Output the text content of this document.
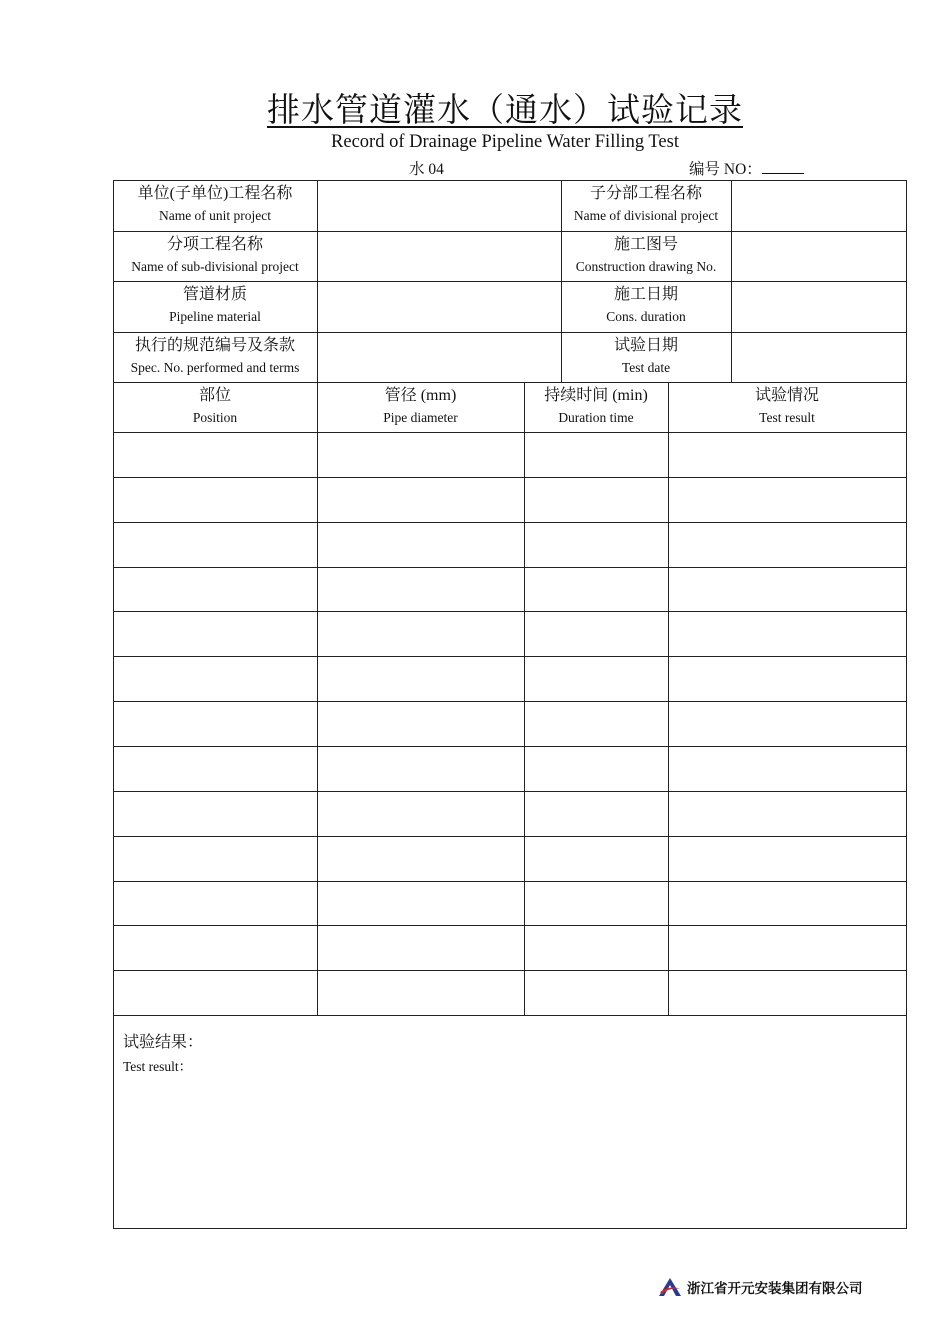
排水管道灌水（通水）试验记录
Record of Drainage Pipeline Water Filling Test
水 04	编号 NO：
单位(子单位)工程名称
Name of unit project
子分部工程名称
Name of divisional project
分项工程名称
Name of sub-divisional project
施工图号
Construction drawing No.
管道材质
Pipeline material
施工日期
Cons. duration
执行的规范编号及条款
Spec. No. performed and terms
试验日期
Test date
部位
Position
管径 (mm)
Pipe diameter
持续时间 (min)
Duration time
试验情况
Test result
试验结果：
Test result：
浙江省开元安装集团有限公司
